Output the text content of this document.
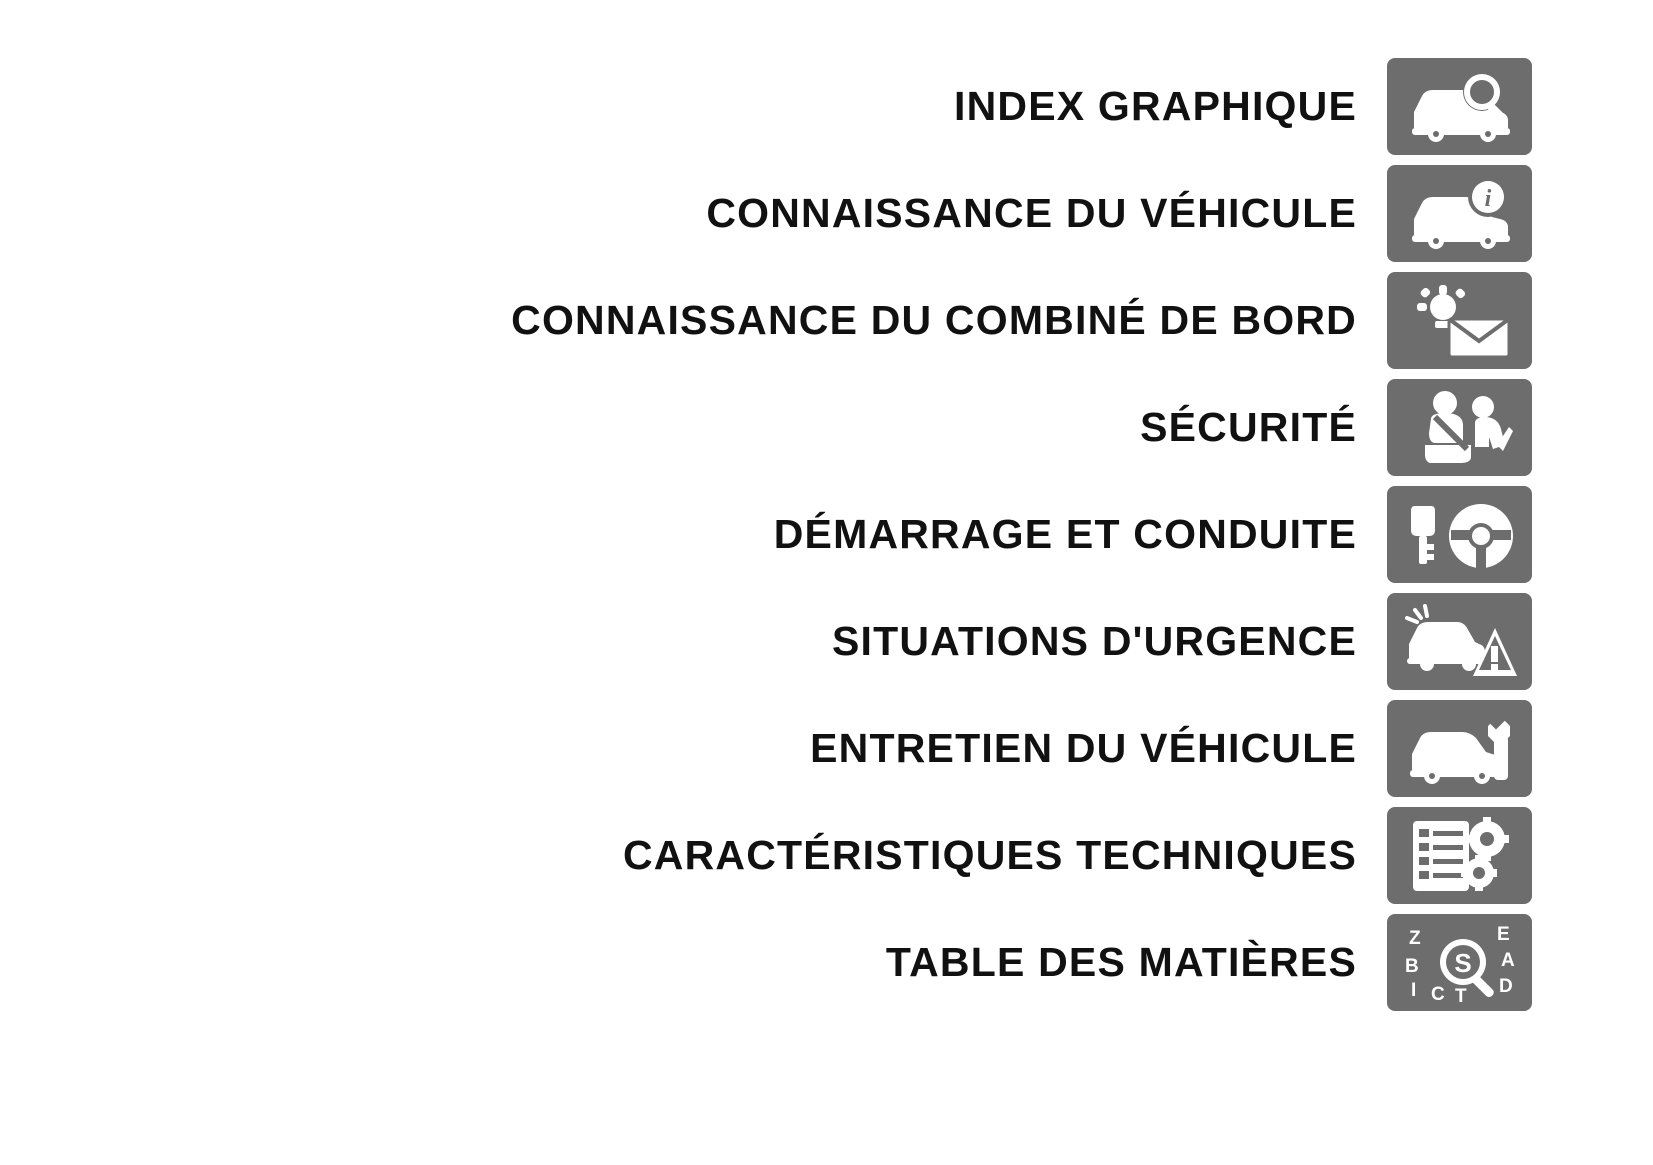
INDEX GRAPHIQUE
CONNAISSANCE DU VÉHICULE	i
CONNAISSANCE DU COMBINÉ DE BORD
SÉCURITÉ
DÉMARRAGE ET CONDUITE
SITUATIONS D'URGENCE
ENTRETIEN DU VÉHICULE
CARACTÉRISTIQUES TECHNIQUES
TABLE DES MATIÈRES
Z
B
I C T
E
A
D
S
